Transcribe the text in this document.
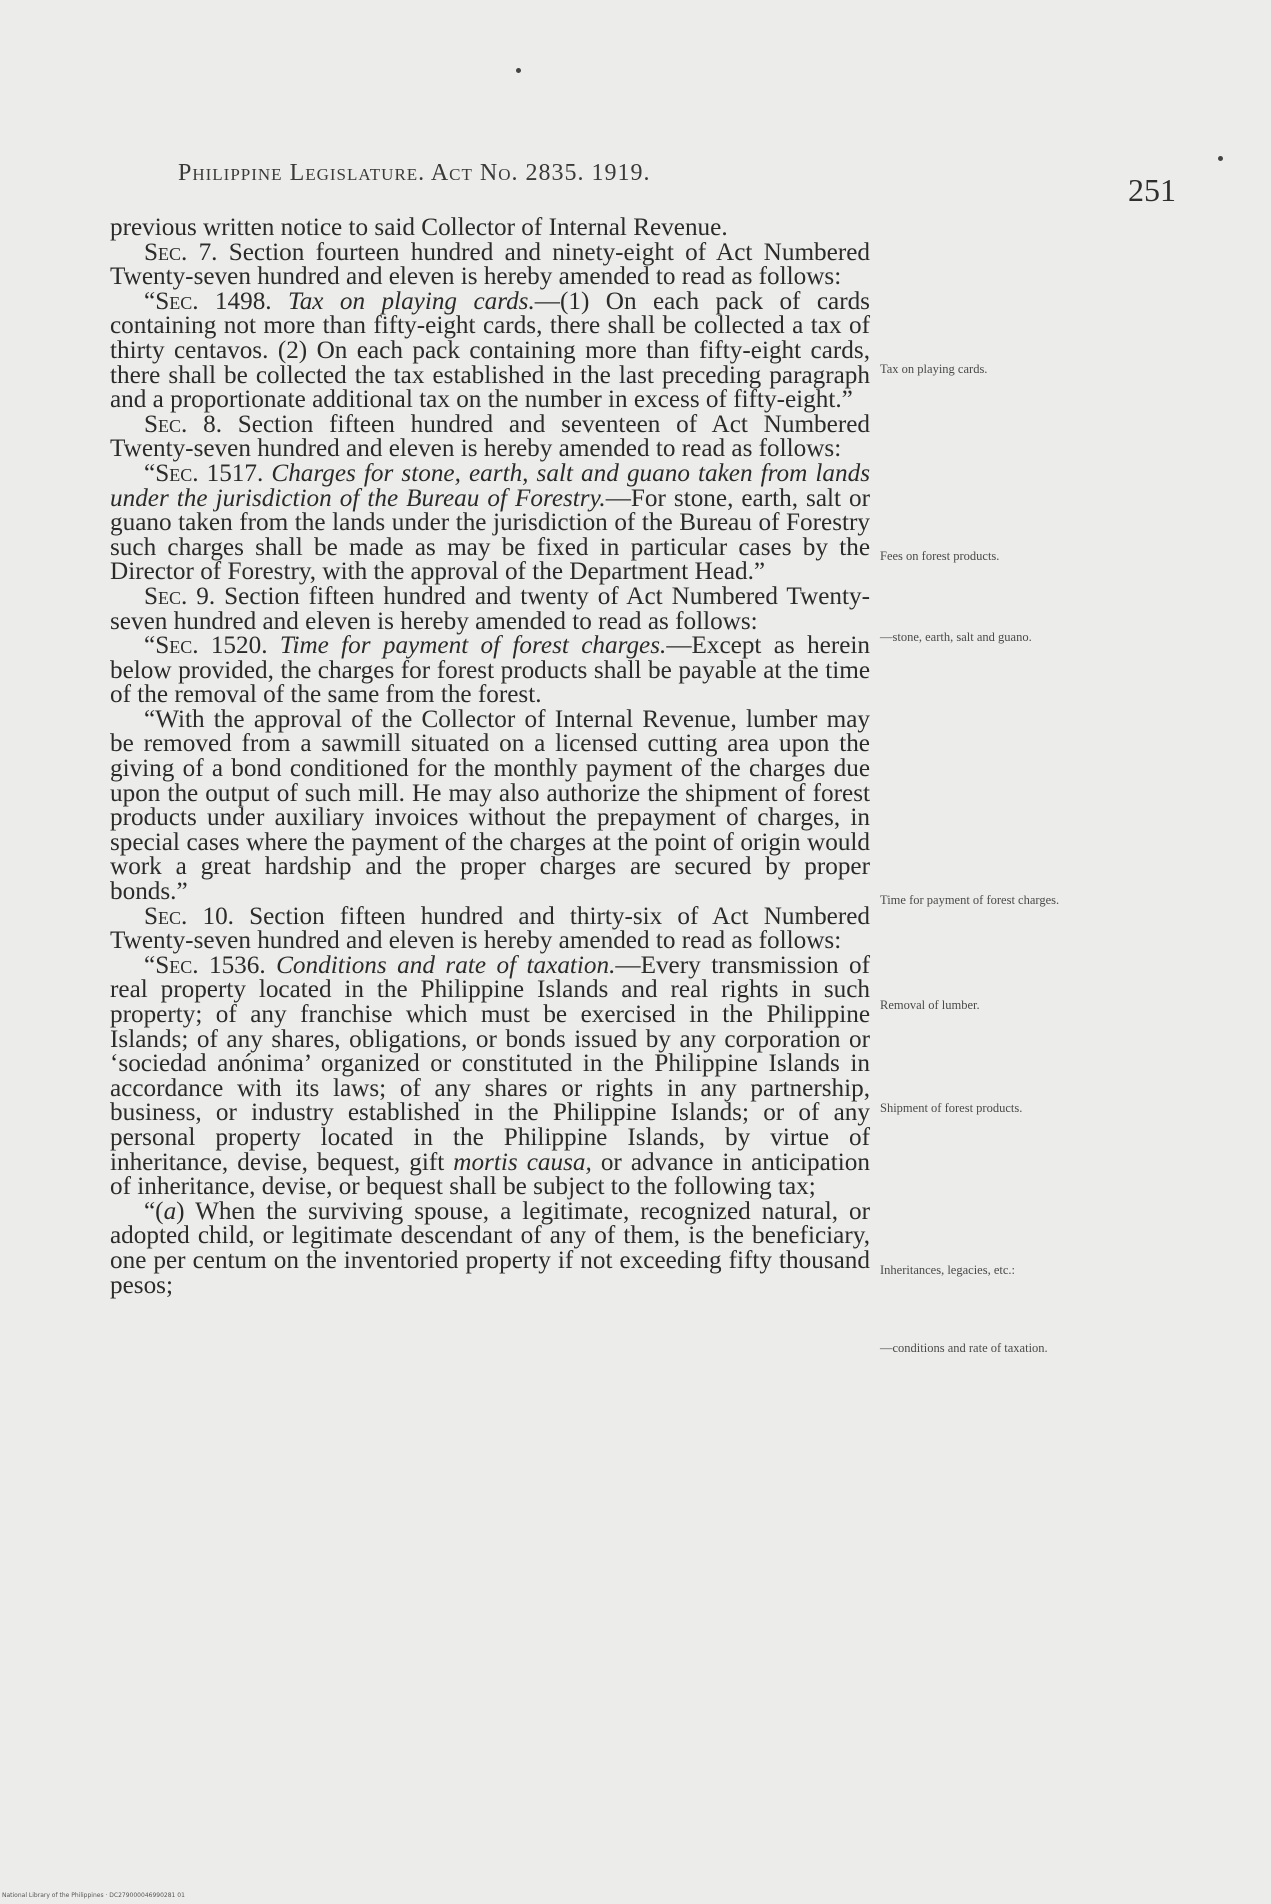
Philippine Legislature. Act No. 2835. 1919.	251

previous written notice to said Collector of Internal Revenue.

Sec. 7. Section fourteen hundred and ninety-eight of Act Numbered Twenty-seven hundred and eleven is hereby amended to read as follows:

“Sec. 1498. Tax on playing cards.—(1) On each pack of cards containing not more than fifty-eight cards, there shall be collected a tax of thirty centavos. (2) On each pack containing more than fifty-eight cards, there shall be collected the tax established in the last preceding paragraph and a proportionate additional tax on the number in excess of fifty-eight.”

Sec. 8. Section fifteen hundred and seventeen of Act Numbered Twenty-seven hundred and eleven is hereby amended to read as follows:

“Sec. 1517. Charges for stone, earth, salt and guano taken from lands under the jurisdiction of the Bureau of Forestry.—For stone, earth, salt or guano taken from the lands under the jurisdiction of the Bureau of Forestry such charges shall be made as may be fixed in particular cases by the Director of Forestry, with the approval of the Department Head.”

Sec. 9. Section fifteen hundred and twenty of Act Numbered Twenty-seven hundred and eleven is hereby amended to read as follows:

“Sec. 1520. Time for payment of forest charges.—Except as herein below provided, the charges for forest products shall be payable at the time of the removal of the same from the forest.

“With the approval of the Collector of Internal Revenue, lumber may be removed from a sawmill situated on a licensed cutting area upon the giving of a bond conditioned for the monthly payment of the charges due upon the output of such mill. He may also authorize the shipment of forest products under auxiliary invoices without the prepayment of charges, in special cases where the payment of the charges at the point of origin would work a great hardship and the proper charges are secured by proper bonds.”

Sec. 10. Section fifteen hundred and thirty-six of Act Numbered Twenty-seven hundred and eleven is hereby amended to read as follows:

“Sec. 1536. Conditions and rate of taxation.—Every transmission of real property located in the Philippine Islands and real rights in such property; of any franchise which must be exercised in the Philippine Islands; of any shares, obligations, or bonds issued by any corporation or ‘sociedad anónima’ organized or constituted in the Philippine Islands in accordance with its laws; of any shares or rights in any partnership, business, or industry established in the Philippine Islands; or of any personal property located in the Philippine Islands, by virtue of inheritance, devise, bequest, gift mortis causa, or advance in anticipation of inheritance, devise, or bequest shall be subject to the following tax;

“(a) When the surviving spouse, a legitimate, recognized natural, or adopted child, or legitimate descendant of any of them, is the beneficiary, one per centum on the inventoried property if not exceeding fifty thousand pesos;

Tax on playing cards.
Fees on forest products.
—stone, earth, salt and guano.
Time for payment of forest charges.
Removal of lumber.
Shipment of forest products.
Inheritances, legacies, etc.:
—conditions and rate of taxation.
National Library of the Philippines · DC279000046990281 01
